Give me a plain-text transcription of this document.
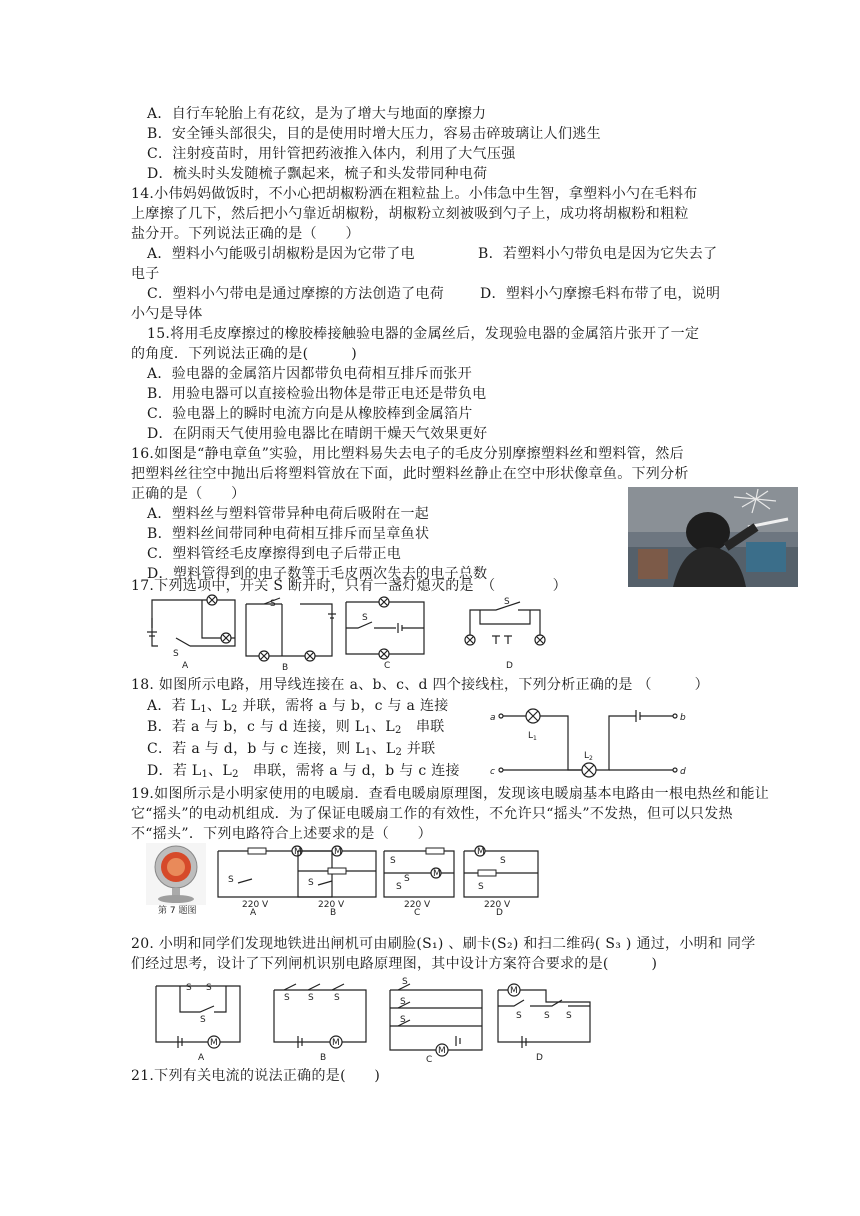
A．自行车轮胎上有花纹，是为了增大与地面的摩擦力
B．安全锤头部很尖，目的是使用时增大压力，容易击碎玻璃让人们逃生
C．注射疫苗时，用针管把药液推入体内，利用了大气压强
D．梳头时头发随梳子飘起来，梳子和头发带同种电荷
14.小伟妈妈做饭时，不小心把胡椒粉洒在粗粒盐上。小伟急中生智，拿塑料小勺在毛料布
上摩擦了几下，然后把小勺靠近胡椒粉，胡椒粉立刻被吸到勺子上，成功将胡椒粉和粗粒
盐分开。下列说法正确的是（　　）
A．塑料小勺能吸引胡椒粉是因为它带了电	B．若塑料小勺带负电是因为它失去了
电子
C．塑料小勺带电是通过摩擦的方法创造了电荷	D．塑料小勺摩擦毛料布带了电，说明
小勺是导体
15.将用毛皮摩擦过的橡胶棒接触验电器的金属丝后，发现验电器的金属箔片张开了一定
的角度．下列说法正确的是(　　　)
A．验电器的金属箔片因都带负电荷相互排斥而张开
B．用验电器可以直接检验出物体是带正电还是带负电
C．验电器上的瞬时电流方向是从橡胶棒到金属箔片
D．在阴雨天气使用验电器比在晴朗干燥天气效果更好
16.如图是“静电章鱼”实验，用比塑料易失去电子的毛皮分别摩擦塑料丝和塑料管，然后
把塑料丝往空中抛出后将塑料管放在下面，此时塑料丝静止在空中形状像章鱼。下列分析
正确的是（　　）
A．塑料丝与塑料管带异种电荷后吸附在一起
B．塑料丝间带同种电荷相互排斥而呈章鱼状
C．塑料管经毛皮摩擦得到电子后带正电
D．塑料管得到的电子数等于毛皮两次失去的电子总数
17.下列选项中，开关 S 断开时，只有一盏灯熄灭的是　（　　　　）
S
A
S
B
S
C
S
D
18. 如图所示电路，用导线连接在 a、b、c、d 四个接线柱，下列分析正确的是 （　　　）
A．若 $L_1$、$L_2$ 并联，需将 a 与 b，c 与 a 连接
B．若 a 与 b，c 与 d 连接，则 $L_1$、$L_2$　串联
C．若 a 与 d，b 与 c 连接，则 $L_1$、$L_2$ 并联
D．若 $L_1$、$L_2$　串联，需将 a 与 d，b 与 c 连接
a
c
b
d
$L_1$
$L_2$
19.如图所示是小明家使用的电暖扇．查看电暖扇原理图，发现该电暖扇基本电路由一根电热丝和能让
它“摇头”的电动机组成．为了保证电暖扇工作的有效性，不允许只“摇头”不发热，但可以只发热
不“摇头”．下列电路符合上述要求的是（　　）
第 7 题图
M
S
220 V
A
M
S
220 V
B
M
S
S
S
220 V
C
M
S
S
220 V
D
20. 小明和同学们发现地铁进出闸机可由刷脸(S₁) 、刷卡(S₂) 和扫二维码( S₃ ) 通过，小明和 同学
们经过思考，设计了下列闸机识别电路原理图，其中设计方案符合要求的是(　　　)
M
S S
S
A
M
S S S
B
M
S
S
S
C
M
S S S
D
21.下列有关电流的说法正确的是(　　)
